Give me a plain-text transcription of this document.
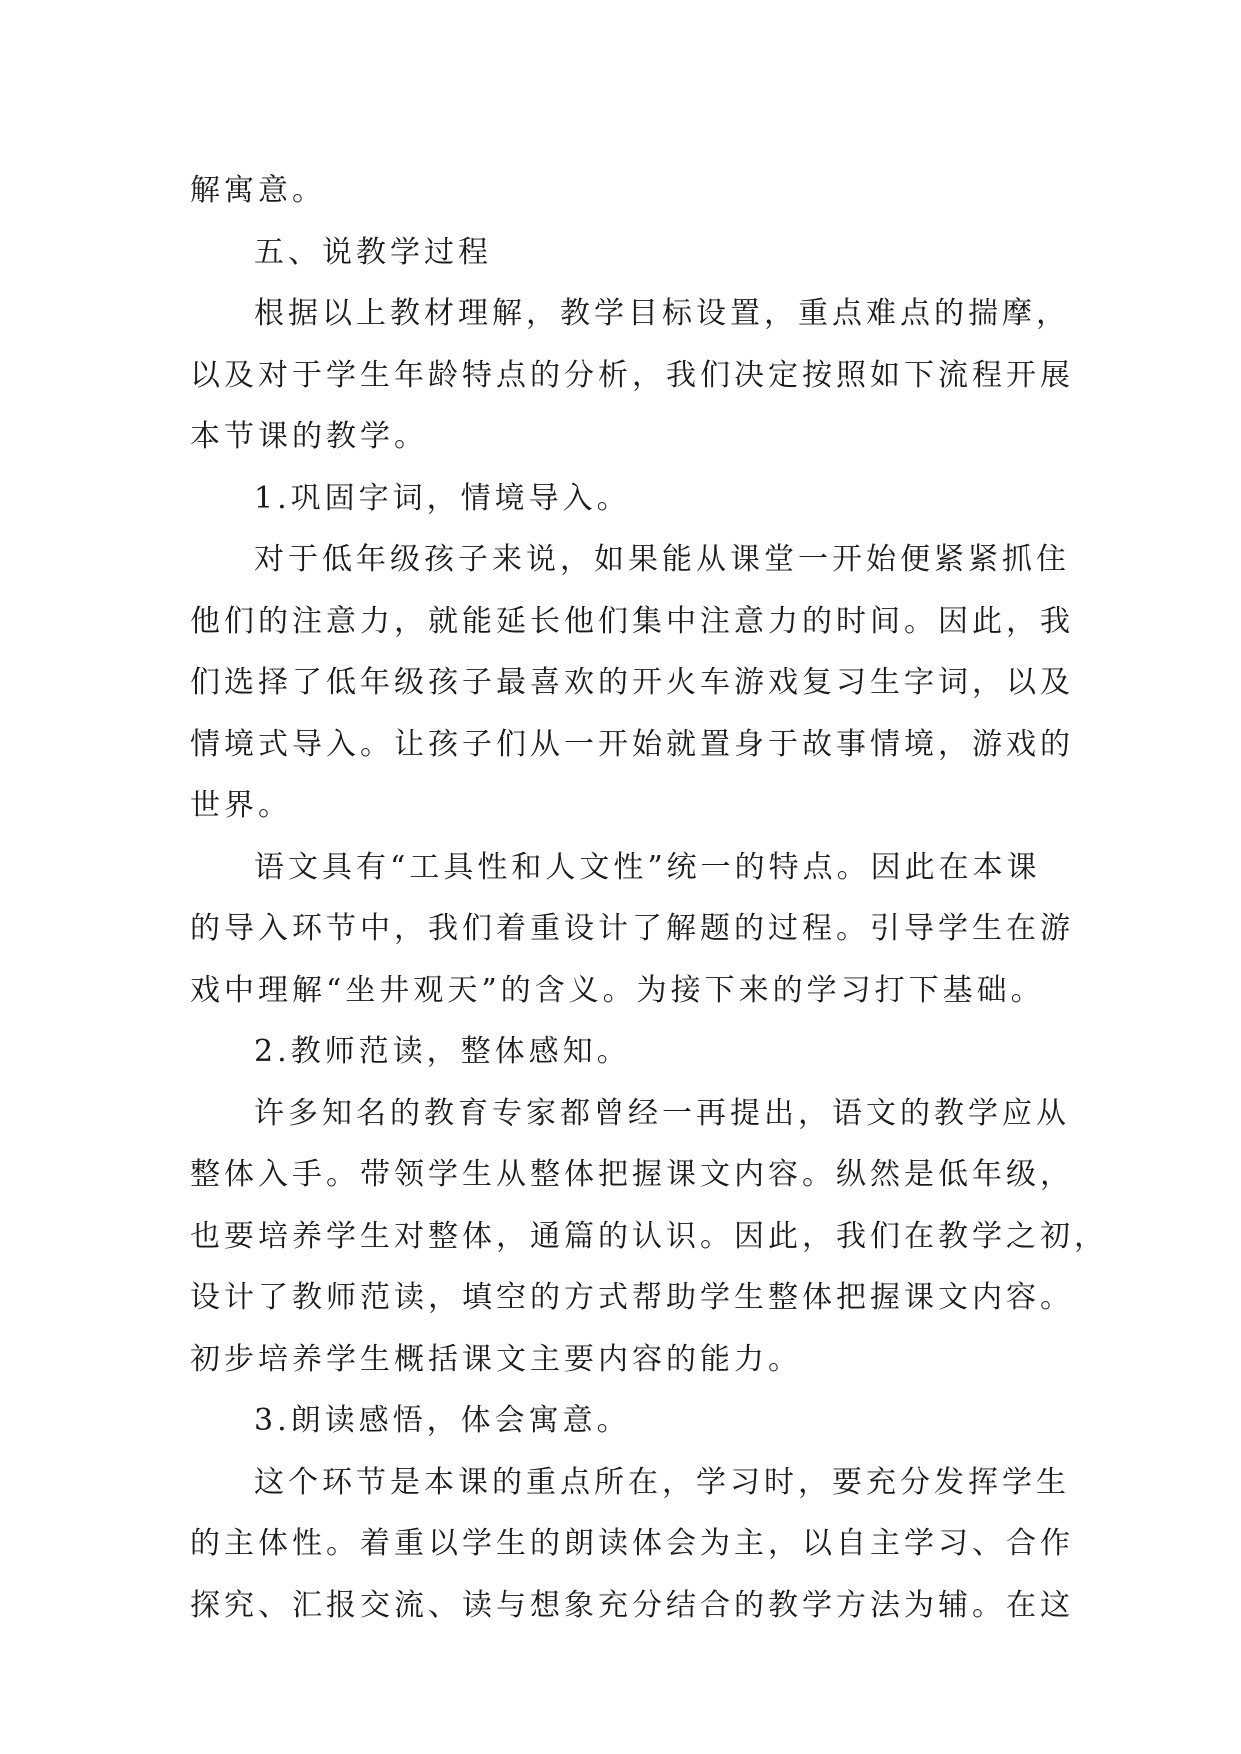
解寓意。
五、说教学过程
根据以上教材理解，教学目标设置，重点难点的揣摩，
以及对于学生年龄特点的分析，我们决定按照如下流程开展
本节课的教学。
1.巩固字词，情境导入。
对于低年级孩子来说，如果能从课堂一开始便紧紧抓住
他们的注意力，就能延长他们集中注意力的时间。因此，我
们选择了低年级孩子最喜欢的开火车游戏复习生字词，以及
情境式导入。让孩子们从一开始就置身于故事情境，游戏的
世界。
语文具有“工具性和人文性”统一的特点。因此在本课
的导入环节中，我们着重设计了解题的过程。引导学生在游
戏中理解“坐井观天”的含义。为接下来的学习打下基础。
2.教师范读，整体感知。
许多知名的教育专家都曾经一再提出，语文的教学应从
整体入手。带领学生从整体把握课文内容。纵然是低年级，
也要培养学生对整体，通篇的认识。因此，我们在教学之初，
设计了教师范读，填空的方式帮助学生整体把握课文内容。
初步培养学生概括课文主要内容的能力。
3.朗读感悟，体会寓意。
这个环节是本课的重点所在，学习时，要充分发挥学生
的主体性。着重以学生的朗读体会为主，以自主学习、合作
探究、汇报交流、读与想象充分结合的教学方法为辅。在这
